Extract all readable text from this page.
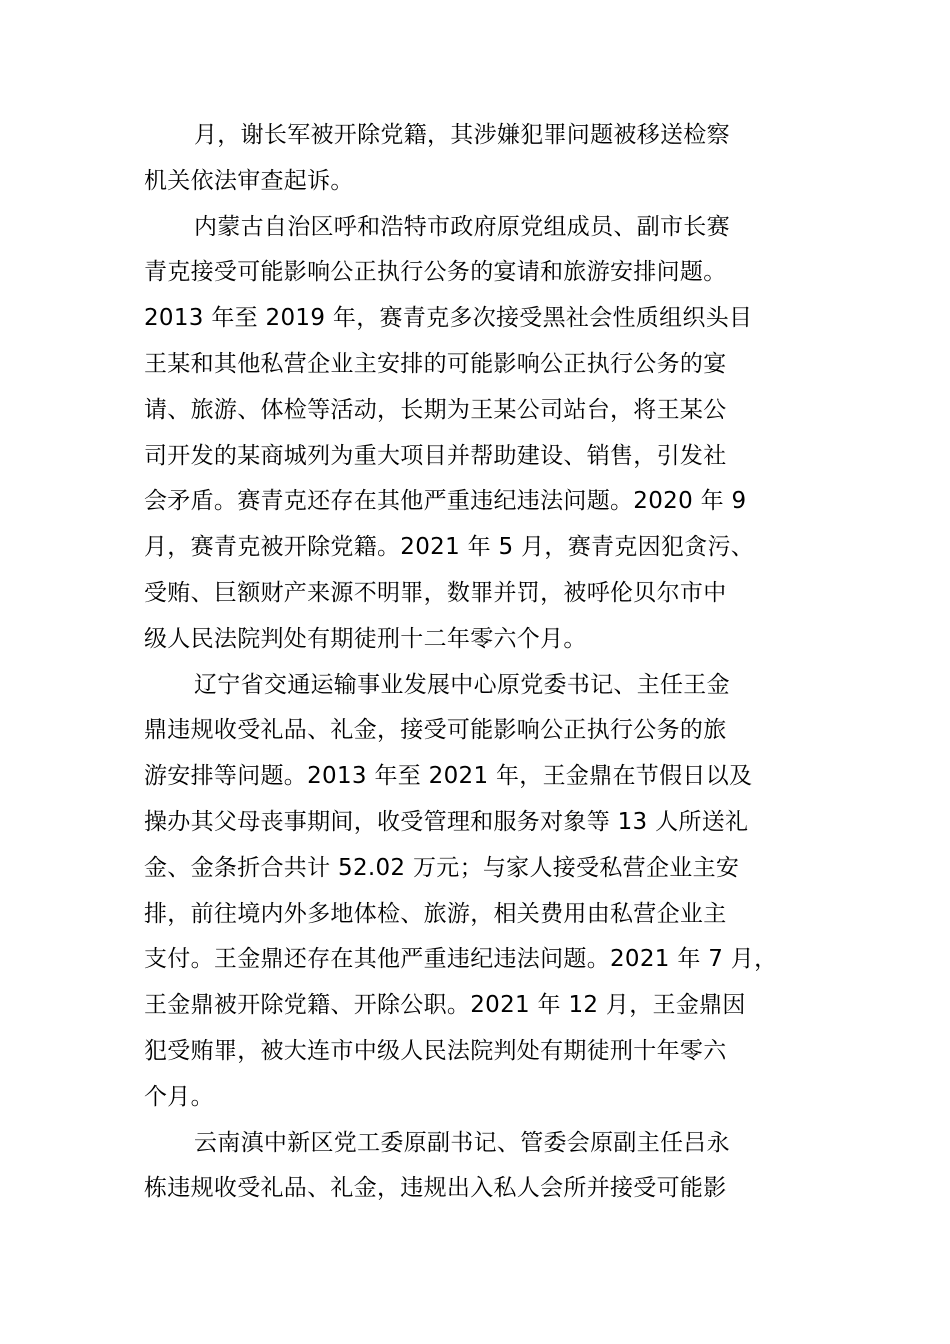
月，谢长军被开除党籍，其涉嫌犯罪问题被移送检察
机关依法审查起诉。
内蒙古自治区呼和浩特市政府原党组成员、副市长赛
青克接受可能影响公正执行公务的宴请和旅游安排问题。
2013 年至 2019 年，赛青克多次接受黑社会性质组织头目
王某和其他私营企业主安排的可能影响公正执行公务的宴
请、旅游、体检等活动，长期为王某公司站台，将王某公
司开发的某商城列为重大项目并帮助建设、销售，引发社
会矛盾。赛青克还存在其他严重违纪违法问题。2020 年 9
月，赛青克被开除党籍。2021 年 5 月，赛青克因犯贪污、
受贿、巨额财产来源不明罪，数罪并罚，被呼伦贝尔市中
级人民法院判处有期徒刑十二年零六个月。
辽宁省交通运输事业发展中心原党委书记、主任王金
鼎违规收受礼品、礼金，接受可能影响公正执行公务的旅
游安排等问题。2013 年至 2021 年，王金鼎在节假日以及
操办其父母丧事期间，收受管理和服务对象等 13 人所送礼
金、金条折合共计 52.02 万元；与家人接受私营企业主安
排，前往境内外多地体检、旅游，相关费用由私营企业主
支付。王金鼎还存在其他严重违纪违法问题。2021 年 7 月，
王金鼎被开除党籍、开除公职。2021 年 12 月，王金鼎因
犯受贿罪，被大连市中级人民法院判处有期徒刑十年零六
个月。
云南滇中新区党工委原副书记、管委会原副主任吕永
栋违规收受礼品、礼金，违规出入私人会所并接受可能影
